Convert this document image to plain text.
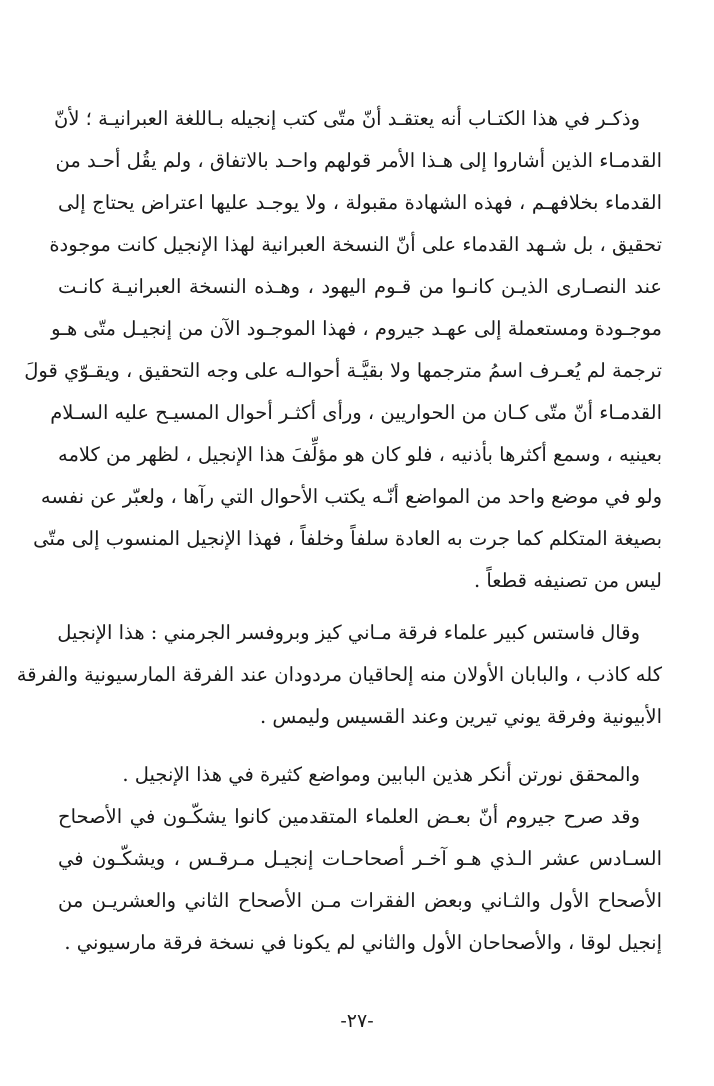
وذكـر في هذا الكتـاب أنه يعتقـد أنّ متّى كتب إنجيله بـاللغة العبرانيـة ؛ لأنّ
القدمـاء الذين أشاروا إلى هـذا الأمر قولهم واحـد بالاتفاق ، ولم يقُل أحـد من
القدماء بخلافهـم ، فهذه الشهادة مقبولة ، ولا يوجـد عليها اعتراض يحتاج إلى
تحقيق ، بل شـهد القدماء على أنّ النسخة العبرانية لهذا الإنجيل كانت موجودة
عند النصـارى الذيـن كانـوا من قـوم اليهود ، وهـذه النسخة العبرانيـة كانـت
موجـودة ومستعملة إلى عهـد جيروم ، فهذا الموجـود الآن من إنجيـل متّى هـو
ترجمة لم يُعـرف اسمُ مترجمها ولا بقيَّـة أحوالـه على وجه التحقيق ، ويقـوّي قولَ
القدمـاء أنّ متّى كـان من الحواريين ، ورأى أكثـر أحوال المسيـح عليه السـلام
بعينيه ، وسمع أكثرها بأذنيه ، فلو كان هو مؤلِّفَ هذا الإنجيل ، لظهر من كلامه
ولو في موضع واحد من المواضع أنّـه يكتب الأحوال التي رآها ، ولعبّر عن نفسه
بصيغة المتكلم كما جرت به العادة سلفاً وخلفاً ، فهذا الإنجيل المنسوب إلى متّى
ليس من تصنيفه قطعاً .
وقال فاستس كبير علماء فرقة مـاني كيز وبروفسر الجرمني : هذا الإنجيل
كله كاذب ، والبابان الأولان منه إلحاقيان مردودان عند الفرقة المارسيونية والفرقة
الأبيونية وفرقة يوني تيرين وعند القسيس وليمس .
والمحقق نورتن أنكر هذين البابين ومواضع كثيرة في هذا الإنجيل .
وقد صرح جيروم أنّ بعـض العلماء المتقدمين كانوا يشكّـون في الأصحاح
السـادس عشر الـذي هـو آخـر أصحاحـات إنجيـل مـرقـس ، ويشكّـون في
الأصحاح الأول والثـاني وبعض الفقرات مـن الأصحاح الثاني والعشريـن من
إنجيل لوقا ، والأصحاحان الأول والثاني لم يكونا في نسخة فرقة مارسيوني .
-٢٧-
